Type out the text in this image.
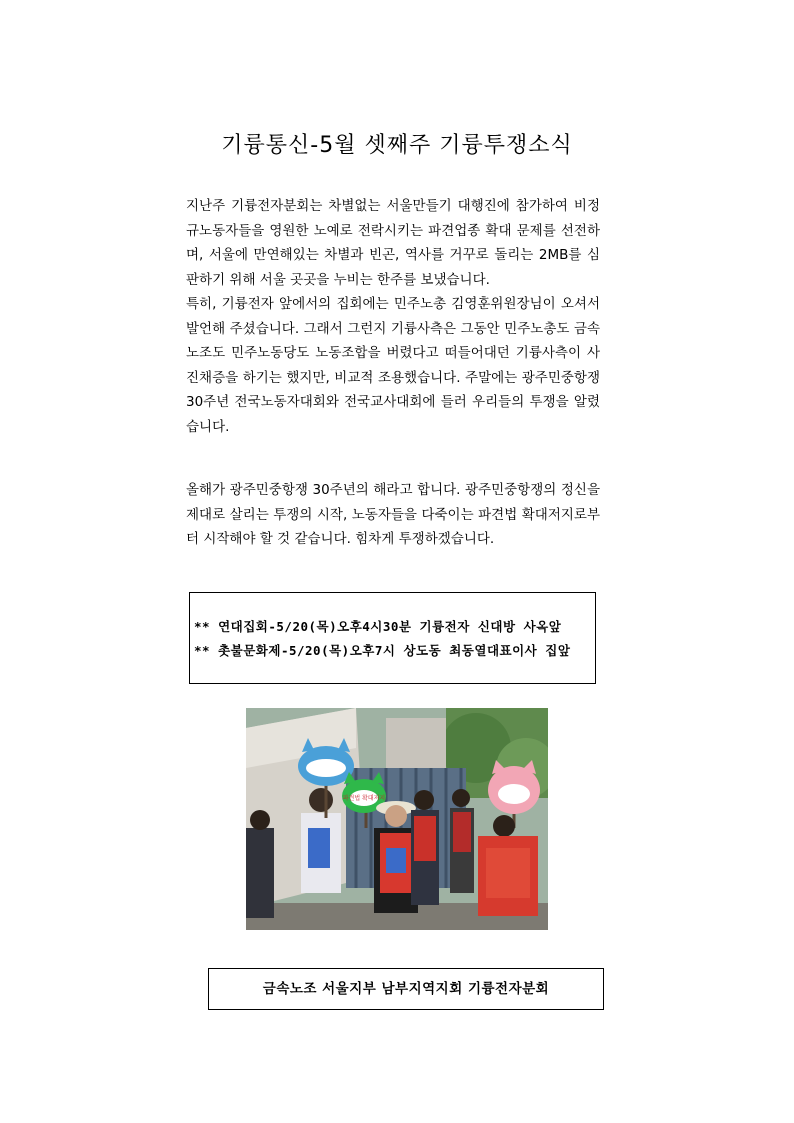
기륭통신-5월 셋째주 기륭투쟁소식
지난주 기륭전자분회는 차별없는 서울만들기 대행진에 참가하여 비정규노동자들을 영원한 노예로 전락시키는 파견업종 확대 문제를 선전하며, 서울에 만연해있는 차별과 빈곤, 역사를 거꾸로 돌리는 2MB를 심판하기 위해 서울 곳곳을 누비는 한주를 보냈습니다.
특히, 기륭전자 앞에서의 집회에는 민주노총 김영훈위원장님이 오셔서 발언해 주셨습니다. 그래서 그런지 기륭사측은 그동안 민주노총도 금속노조도 민주노동당도 노동조합을 버렸다고 떠들어대던 기륭사측이 사진채증을 하기는 했지만, 비교적 조용했습니다. 주말에는 광주민중항쟁 30주년 전국노동자대회와 전국교사대회에 들러 우리들의 투쟁을 알렸습니다.
올해가 광주민중항쟁 30주년의 해라고 합니다. 광주민중항쟁의 정신을 제대로 살리는 투쟁의 시작, 노동자들을 다죽이는 파견법 확대저지로부터 시작해야 할 것 같습니다. 힘차게 투쟁하겠습니다.
** 연대집회-5/20(목)오후4시30분 기륭전자 신대방 사옥앞
** 촛불문화제-5/20(목)오후7시 상도동 최동열대표이사 집앞
파견법 확대저지
금속노조 서울지부 남부지역지회 기륭전자분회
